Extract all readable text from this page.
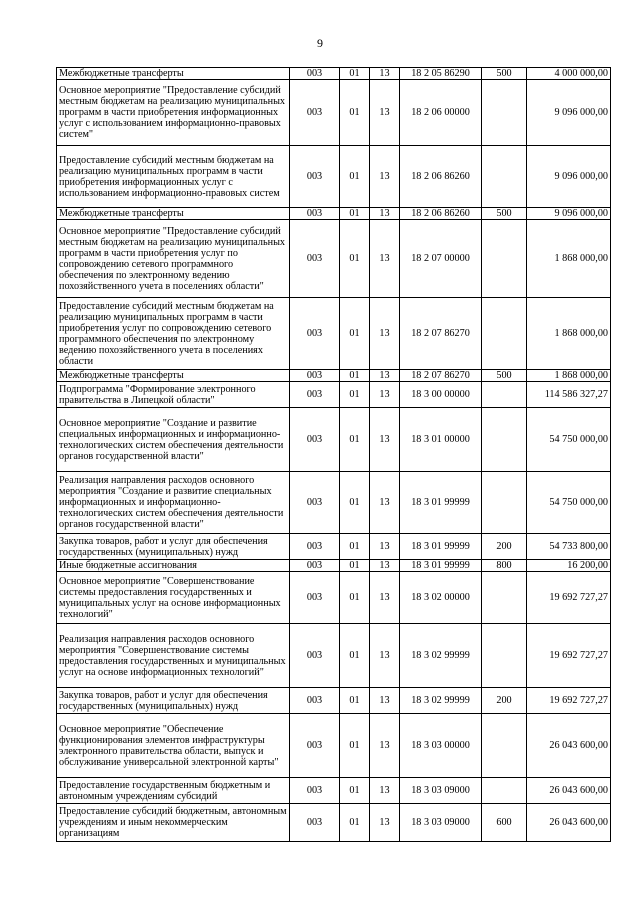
9
Межбюджетные трансферты	003	01	13	18 2 05 86290	500	4 000 000,00
Основное мероприятие "Предоставление субсидий местным бюджетам на реализацию муниципальных программ в части приобретения информационных услуг с использованием информационно-правовых систем"	003	01	13	18 2 06 00000		9 096 000,00
Предоставление субсидий местным бюджетам на реализацию муниципальных программ в части приобретения информационных услуг с использованием информационно-правовых систем	003	01	13	18 2 06 86260		9 096 000,00
Межбюджетные трансферты	003	01	13	18 2 06 86260	500	9 096 000,00
Основное мероприятие "Предоставление субсидий местным бюджетам на реализацию муниципальных программ в части приобретения услуг по сопровождению сетевого программного обеспечения по электронному ведению похозяйственного учета в поселениях области"	003	01	13	18 2 07 00000		1 868 000,00
Предоставление субсидий местным бюджетам на реализацию муниципальных программ в части приобретения услуг по сопровождению сетевого программного обеспечения по электронному ведению похозяйственного учета в поселениях области	003	01	13	18 2 07 86270		1 868 000,00
Межбюджетные трансферты	003	01	13	18 2 07 86270	500	1 868 000,00
Подпрограмма "Формирование электронного правительства в Липецкой области"	003	01	13	18 3 00 00000		114 586 327,27
Основное мероприятие "Создание и развитие специальных информационных и информационно-технологических систем обеспечения деятельности органов государственной власти"	003	01	13	18 3 01 00000		54 750 000,00
Реализация направления расходов основного мероприятия "Создание и развитие специальных информационных и информационно-технологических систем обеспечения деятельности органов государственной власти"	003	01	13	18 3 01 99999		54 750 000,00
Закупка товаров, работ и услуг для обеспечения государственных (муниципальных) нужд	003	01	13	18 3 01 99999	200	54 733 800,00
Иные бюджетные ассигнования	003	01	13	18 3 01 99999	800	16 200,00
Основное мероприятие "Совершенствование системы предоставления государственных и муниципальных услуг на основе информационных технологий"	003	01	13	18 3 02 00000		19 692 727,27
Реализация направления расходов основного мероприятия "Совершенствование системы предоставления государственных и муниципальных услуг на основе информационных технологий"	003	01	13	18 3 02 99999		19 692 727,27
Закупка товаров, работ и услуг для обеспечения государственных (муниципальных) нужд	003	01	13	18 3 02 99999	200	19 692 727,27
Основное мероприятие "Обеспечение функционирования элементов инфраструктуры электронного правительства области, выпуск и обслуживание универсальной электронной карты"	003	01	13	18 3 03 00000		26 043 600,00
Предоставление государственным бюджетным и автономным учреждениям субсидий	003	01	13	18 3 03 09000		26 043 600,00
Предоставление субсидий бюджетным, автономным учреждениям и иным некоммерческим организациям	003	01	13	18 3 03 09000	600	26 043 600,00
